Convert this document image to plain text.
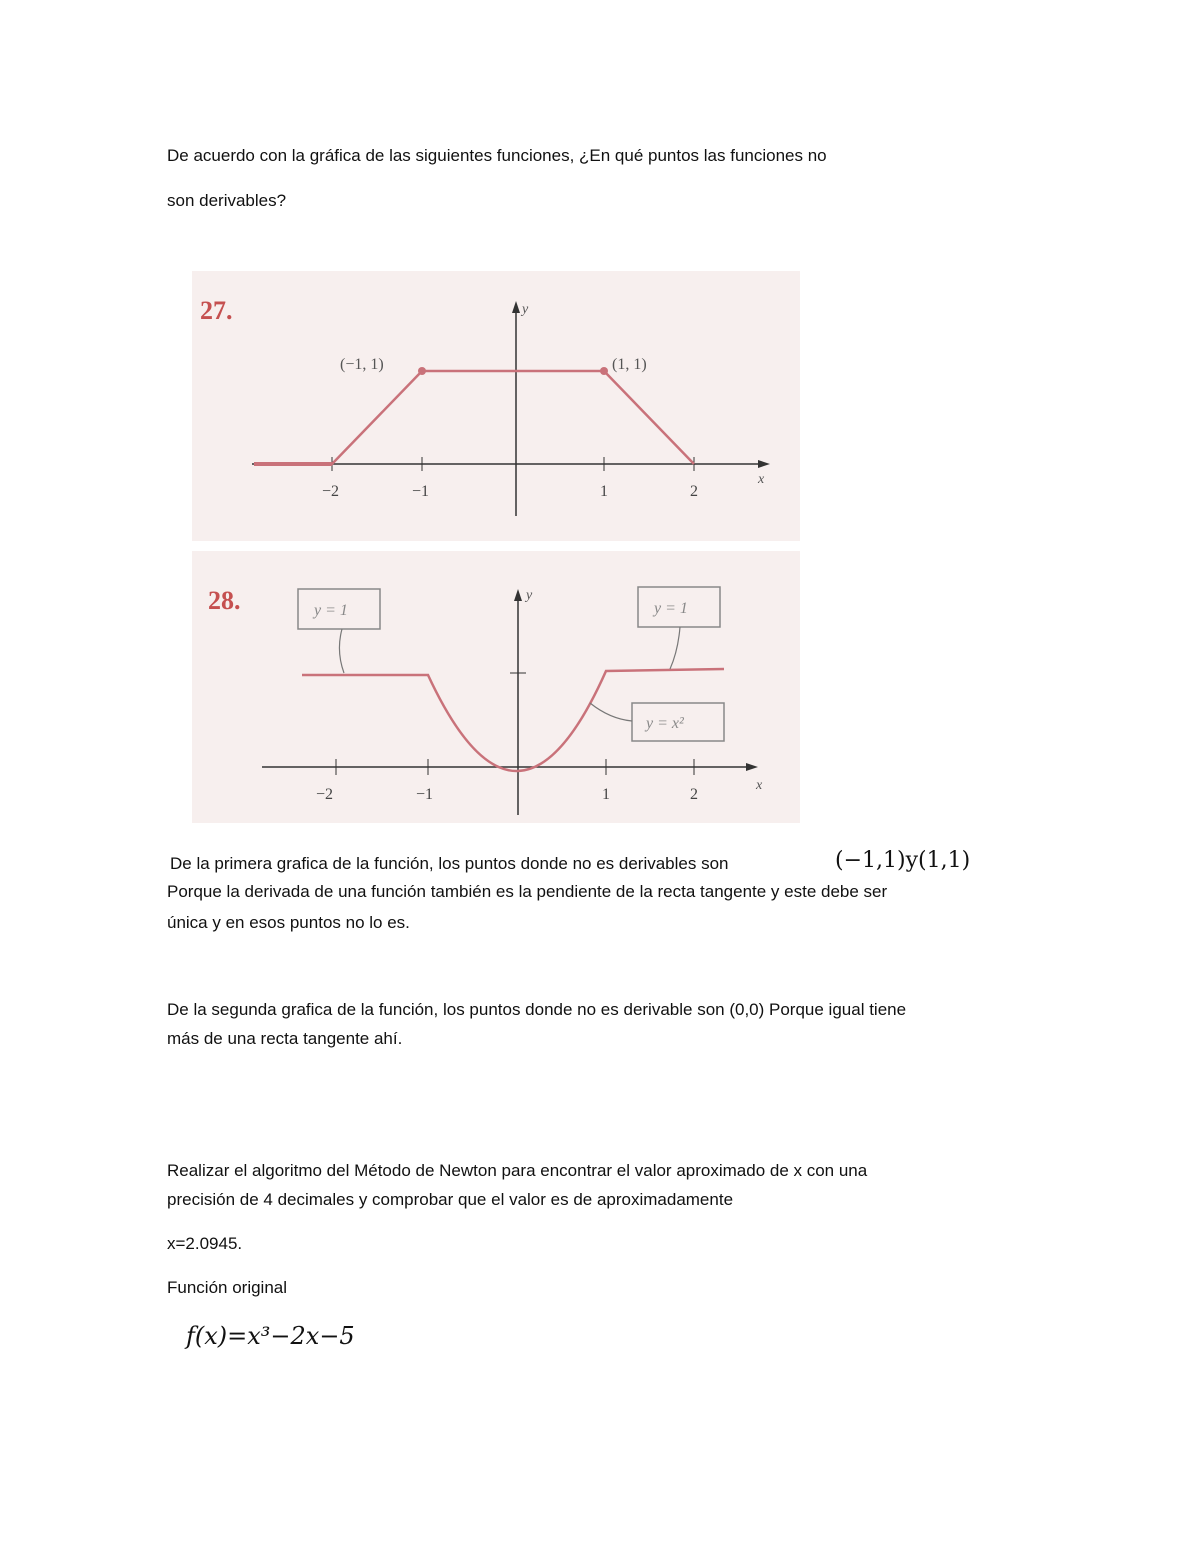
De acuerdo con la gráfica de las siguientes funciones, ¿En qué puntos las funciones no
son derivables?
27.	y
x
−2	−1	1	2
(−1, 1)	(1, 1)
28.	y
x
−2	−1	1	2
y = 1	y = 1
y = x²
De la primera grafica de la función, los puntos donde no es derivables son	(−1,1)y(1,1)
Porque la derivada de una función también es la pendiente de la recta tangente y este debe ser
única y en esos puntos no lo es.
De la segunda grafica de la función, los puntos donde no es derivable son (0,0) Porque igual tiene
más de una recta tangente ahí.
Realizar el algoritmo del Método de Newton para encontrar el valor aproximado de x con una
precisión de 4 decimales y comprobar que el valor es de aproximadamente
x=2.0945.
Función original
f(x)=x³−2x−5
